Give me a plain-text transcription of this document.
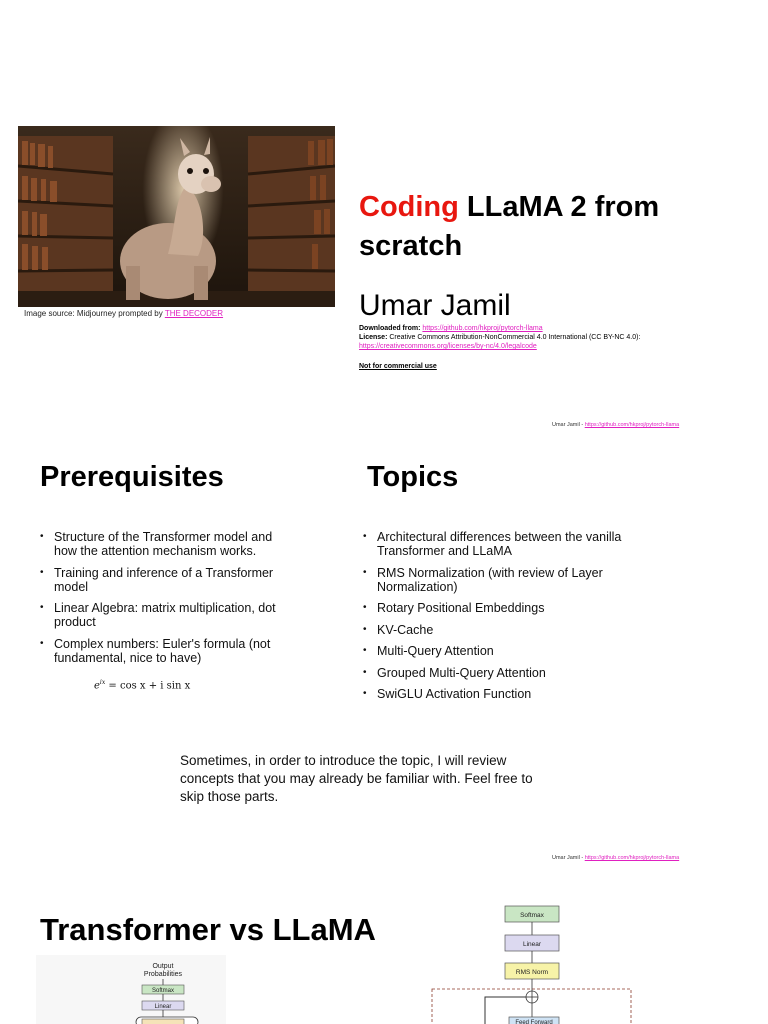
Image source: Midjourney prompted by THE DECODER
Coding LLaMA 2 from scratch
Umar Jamil
Downloaded from: https://github.com/hkproj/pytorch-llama
License: Creative Commons Attribution-NonCommercial 4.0 International (CC BY-NC 4.0):
https://creativecommons.org/licenses/by-nc/4.0/legalcode
Not for commercial use
Umar Jamil - https://github.com/hkproj/pytorch-llama
Prerequisites	Topics
• Structure of the Transformer model and how the attention mechanism works.
• Training and inference of a Transformer model
• Linear Algebra: matrix multiplication, dot product
• Complex numbers: Euler's formula (not fundamental, nice to have)
$e^{ix} = \cos x + i$ sin x
• Architectural differences between the vanilla Transformer and LLaMA
• RMS Normalization (with review of Layer Normalization)
• Rotary Positional Embeddings
• KV-Cache
• Multi-Query Attention
• Grouped Multi-Query Attention
• SwiGLU Activation Function
Sometimes, in order to introduce the topic, I will review concepts that you may already be familiar with. Feel free to skip those parts.
Umar Jamil - https://github.com/hkproj/pytorch-llama
Transformer vs LLaMA
Output
Probabilities
Softmax
Linear
Softmax
Linear
RMS Norm
Feed Forward
